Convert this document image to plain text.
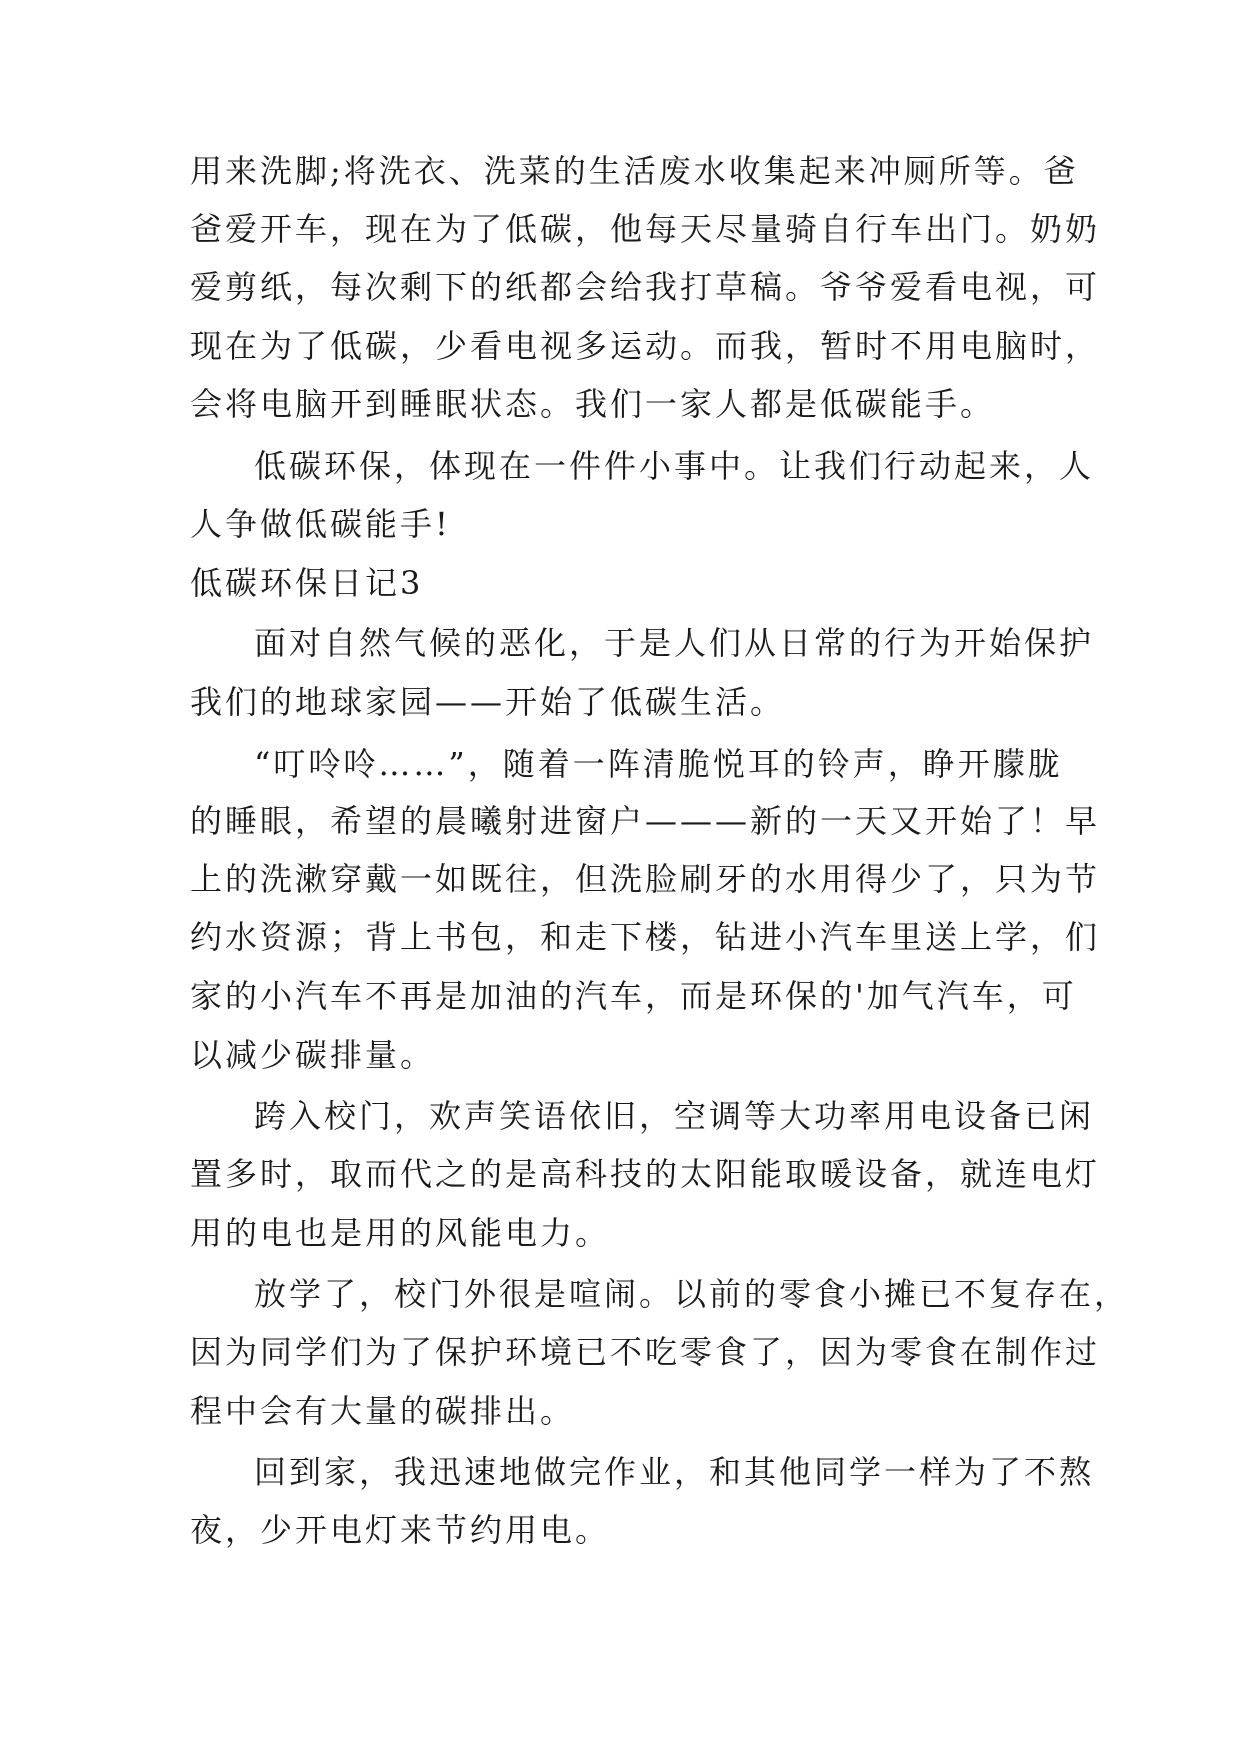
用来洗脚;将洗衣、洗菜的生活废水收集起来冲厕所等。爸
爸爱开车，现在为了低碳，他每天尽量骑自行车出门。奶奶
爱剪纸，每次剩下的纸都会给我打草稿。爷爷爱看电视，可
现在为了低碳，少看电视多运动。而我，暂时不用电脑时，
会将电脑开到睡眠状态。我们一家人都是低碳能手。
低碳环保，体现在一件件小事中。让我们行动起来，人
人争做低碳能手!
低碳环保日记3
面对自然气候的恶化，于是人们从日常的行为开始保护
我们的地球家园——开始了低碳生活。
“叮呤呤……”，随着一阵清脆悦耳的铃声，睁开朦胧
的睡眼，希望的晨曦射进窗户———新的一天又开始了！早
上的洗漱穿戴一如既往，但洗脸刷牙的水用得少了，只为节
约水资源；背上书包，和走下楼，钻进小汽车里送上学，们
家的小汽车不再是加油的汽车，而是环保的'加气汽车，可
以减少碳排量。
跨入校门，欢声笑语依旧，空调等大功率用电设备已闲
置多时，取而代之的是高科技的太阳能取暖设备，就连电灯
用的电也是用的风能电力。
放学了，校门外很是喧闹。以前的零食小摊已不复存在，
因为同学们为了保护环境已不吃零食了，因为零食在制作过
程中会有大量的碳排出。
回到家，我迅速地做完作业，和其他同学一样为了不熬
夜，少开电灯来节约用电。
